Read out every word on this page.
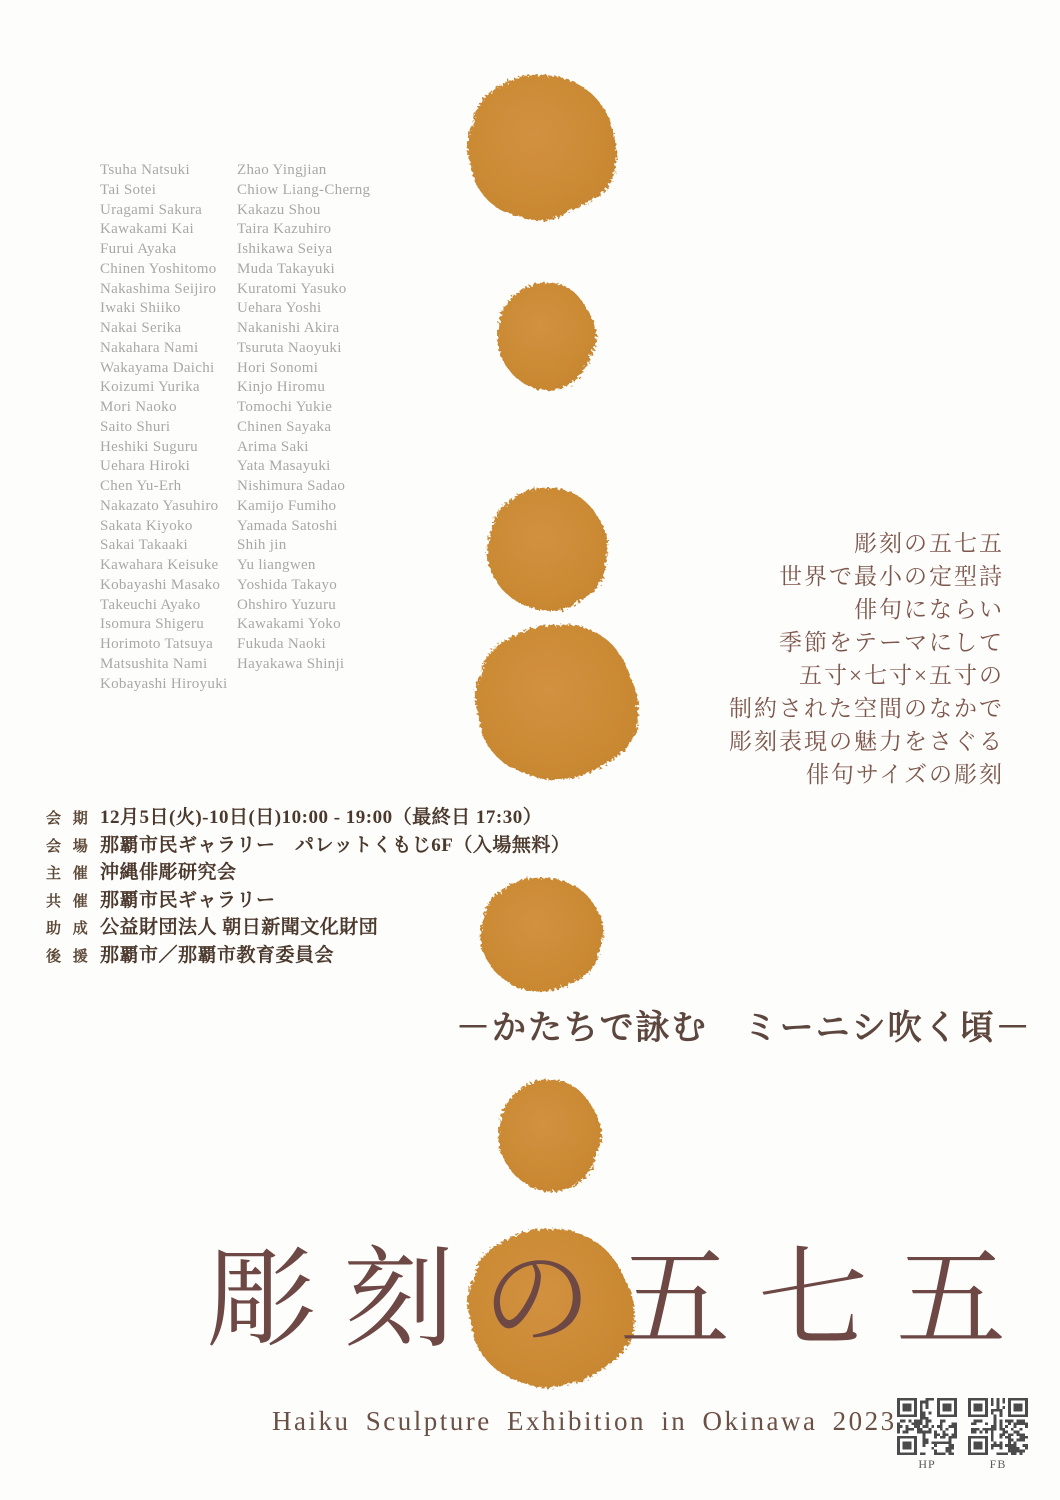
Tsuha Natsuki
Tai Sotei
Uragami Sakura
Kawakami Kai
Furui Ayaka
Chinen Yoshitomo
Nakashima Seijiro
Iwaki Shiiko
Nakai Serika
Nakahara Nami
Wakayama Daichi
Koizumi Yurika
Mori Naoko
Saito Shuri
Heshiki Suguru
Uehara Hiroki
Chen Yu-Erh
Nakazato Yasuhiro
Sakata Kiyoko
Sakai Takaaki
Kawahara Keisuke
Kobayashi Masako
Takeuchi Ayako
Isomura Shigeru
Horimoto Tatsuya
Matsushita Nami
Kobayashi Hiroyuki
Zhao Yingjian
Chiow Liang-Cherng
Kakazu Shou
Taira Kazuhiro
Ishikawa Seiya
Muda Takayuki
Kuratomi Yasuko
Uehara Yoshi
Nakanishi Akira
Tsuruta Naoyuki
Hori Sonomi
Kinjo Hiromu
Tomochi Yukie
Chinen Sayaka
Arima Saki
Yata Masayuki
Nishimura Sadao
Kamijo Fumiho
Yamada Satoshi
Shih jin
Yu liangwen
Yoshida Takayo
Ohshiro Yuzuru
Kawakami Yoko
Fukuda Naoki
Hayakawa Shinji
彫刻の五七五
世界で最小の定型詩
俳句にならい
季節をテーマにして
五寸×七寸×五寸の
制約された空間のなかで
彫刻表現の魅力をさぐる
俳句サイズの彫刻
会 期 12月5日(火)-10日(日)10:00 - 19:00（最終日 17:30）
会 場 那覇市民ギャラリー　パレットくもじ6F（入場無料）
主 催 沖縄俳彫研究会
共 催 那覇市民ギャラリー
助 成 公益財団法人 朝日新聞文化財団
後 援 那覇市／那覇市教育委員会
－かたちで詠む　ミーニシ吹く頃－
彫刻の五七五
Haiku Sculpture Exhibition in Okinawa 2023
HP	FB
